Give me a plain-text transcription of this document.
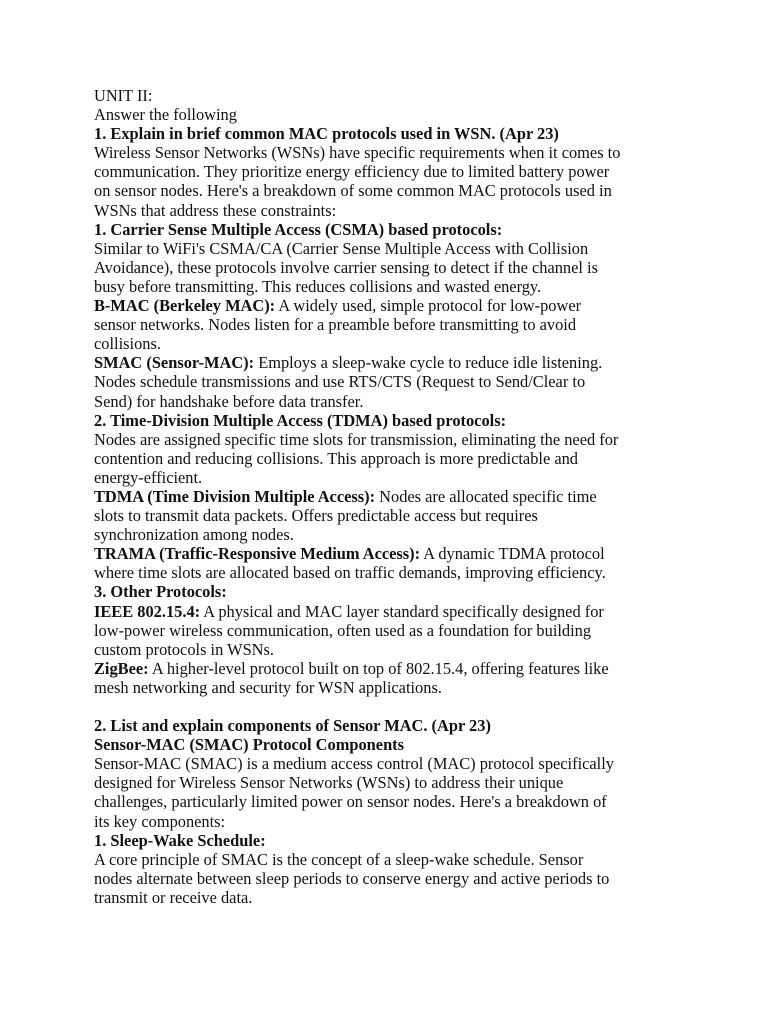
UNIT II:
Answer the following
1. Explain in brief common MAC protocols used in WSN. (Apr 23)
Wireless Sensor Networks (WSNs) have specific requirements when it comes to
communication. They prioritize energy efficiency due to limited battery power
on sensor nodes. Here's a breakdown of some common MAC protocols used in
WSNs that address these constraints:
1. Carrier Sense Multiple Access (CSMA) based protocols:
Similar to WiFi's CSMA/CA (Carrier Sense Multiple Access with Collision
Avoidance), these protocols involve carrier sensing to detect if the channel is
busy before transmitting. This reduces collisions and wasted energy.
B-MAC (Berkeley MAC): A widely used, simple protocol for low-power
sensor networks. Nodes listen for a preamble before transmitting to avoid
collisions.
SMAC (Sensor-MAC): Employs a sleep-wake cycle to reduce idle listening.
Nodes schedule transmissions and use RTS/CTS (Request to Send/Clear to
Send) for handshake before data transfer.
2. Time-Division Multiple Access (TDMA) based protocols:
Nodes are assigned specific time slots for transmission, eliminating the need for
contention and reducing collisions. This approach is more predictable and
energy-efficient.
TDMA (Time Division Multiple Access): Nodes are allocated specific time
slots to transmit data packets. Offers predictable access but requires
synchronization among nodes.
TRAMA (Traffic-Responsive Medium Access): A dynamic TDMA protocol
where time slots are allocated based on traffic demands, improving efficiency.
3. Other Protocols:
IEEE 802.15.4: A physical and MAC layer standard specifically designed for
low-power wireless communication, often used as a foundation for building
custom protocols in WSNs.
ZigBee: A higher-level protocol built on top of 802.15.4, offering features like
mesh networking and security for WSN applications.
2. List and explain components of Sensor MAC. (Apr 23)
Sensor-MAC (SMAC) Protocol Components
Sensor-MAC (SMAC) is a medium access control (MAC) protocol specifically
designed for Wireless Sensor Networks (WSNs) to address their unique
challenges, particularly limited power on sensor nodes. Here's a breakdown of
its key components:
1. Sleep-Wake Schedule:
A core principle of SMAC is the concept of a sleep-wake schedule. Sensor
nodes alternate between sleep periods to conserve energy and active periods to
transmit or receive data.
